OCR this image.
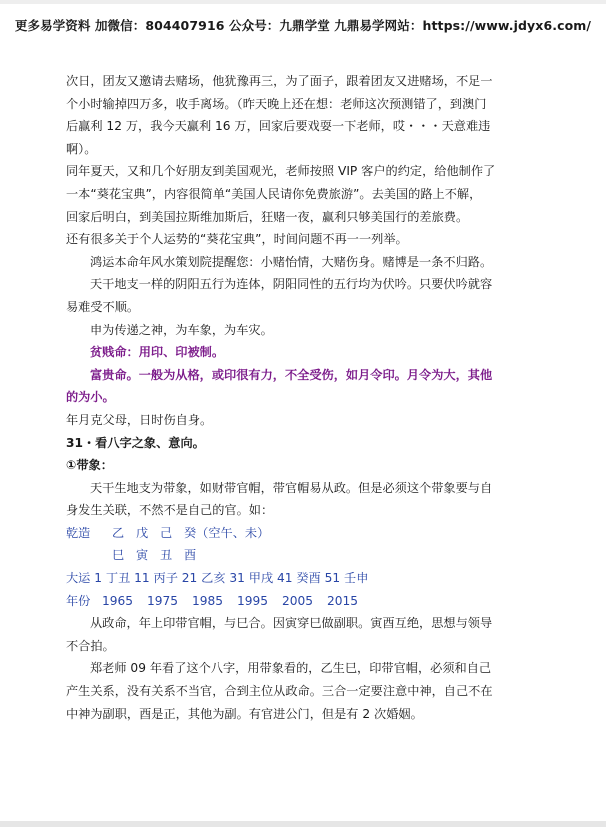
更多易学资料 加微信：804407916 公众号：九鼎学堂 九鼎易学网站：https://www.jdyx6.com/
次日，团友又邀请去赌场，他犹豫再三，为了面子，跟着团友又进赌场，不足一
个小时输掉四万多，收手离场。（昨天晚上还在想：老师这次预测错了，到澳门
后赢利 12 万，我今天赢利 16 万，回家后要戏耍一下老师，哎・・・天意难违
啊）。
同年夏天，又和几个好朋友到美国观光，老师按照 VIP 客户的约定，给他制作了
一本“葵花宝典”，内容很简单“美国人民请你免费旅游”。去美国的路上不解，
回家后明白，到美国拉斯维加斯后，狂赌一夜，赢利只够美国行的差旅费。
还有很多关于个人运势的“葵花宝典”，时间问题不再一一列举。
鸿运本命年风水策划院提醒您：小赌怡情，大赌伤身。赌博是一条不归路。
天干地支一样的阴阳五行为连体，阴阳同性的五行均为伏吟。只要伏吟就容
易难受不顺。
申为传递之神，为车象，为车灾。
贫贱命：用印、印被制。
富贵命。一般为从格，或印很有力，不全受伤，如月令印。月令为大，其他
的为小。
年月克父母，日时伤自身。
31・看八字之象、意向。
①带象：
天干生地支为带象，如财带官帽，带官帽易从政。但是必须这个带象要与自
身发生关联，不然不是自己的官。如：
乾造	乙 戊 己 癸（空午、未）
巳 寅 丑 酉
大运 1 丁丑 11 丙子 21 乙亥 31 甲戌 41 癸酉 51 壬申
年份 1965	1975	1985	1995	2005	2015
从政命，年上印带官帽，与巳合。因寅穿巳做副职。寅酉互绝，思想与领导
不合拍。
郑老师 09 年看了这个八字，用带象看的，乙生巳，印带官帽，必须和自己
产生关系，没有关系不当官，合到主位从政命。三合一定要注意中神，自己不在
中神为副职，酉是正，其他为副。有官进公门，但是有 2 次婚姻。
